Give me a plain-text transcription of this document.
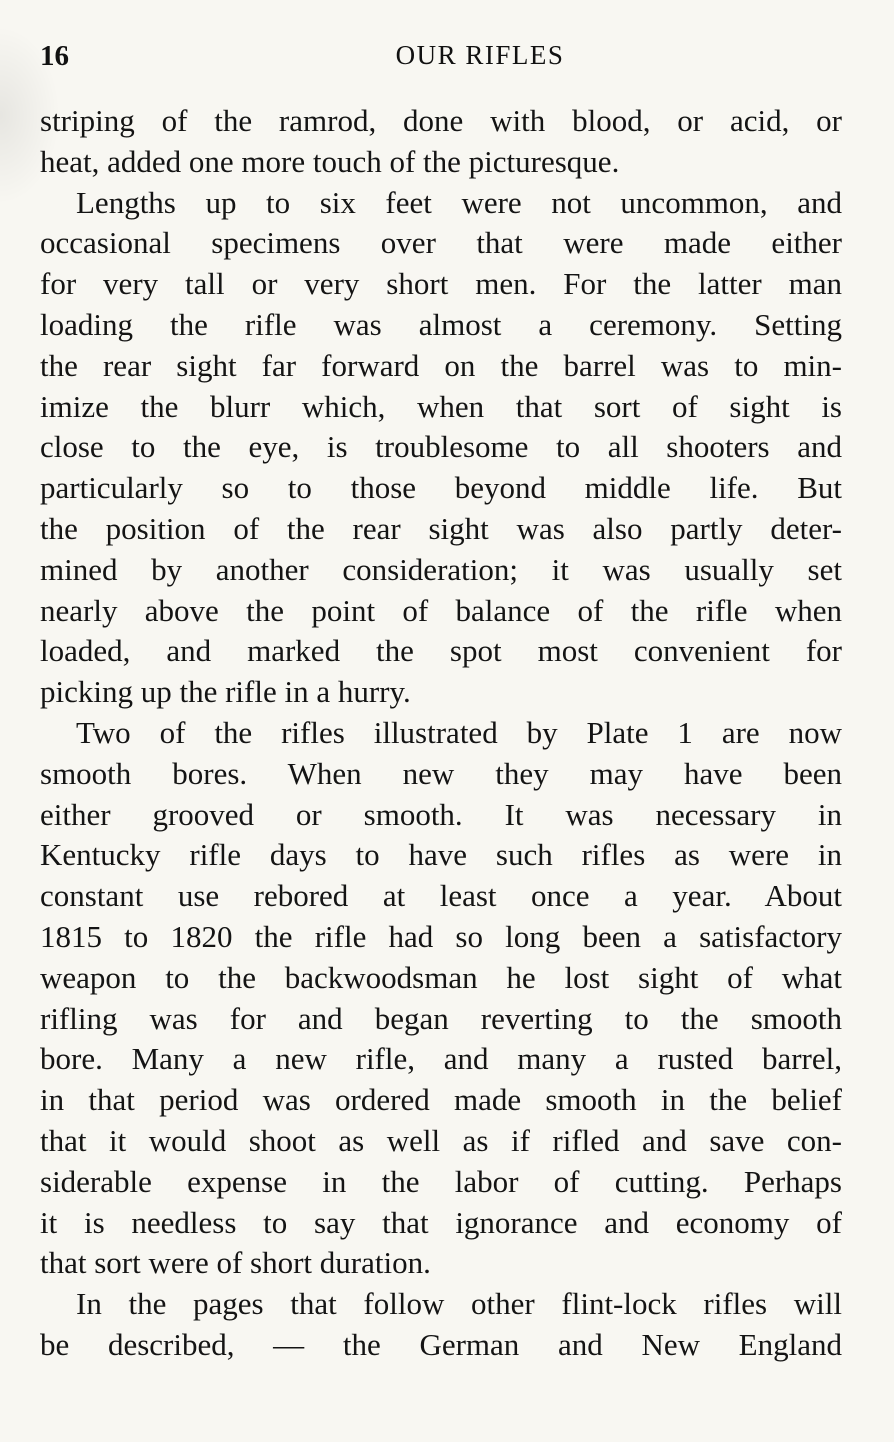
16	OUR RIFLES
striping of the ramrod, done with blood, or acid, or
heat, added one more touch of the picturesque.
Lengths up to six feet were not uncommon, and
occasional specimens over that were made either
for very tall or very short men. For the latter man
loading the rifle was almost a ceremony. Setting
the rear sight far forward on the barrel was to min-
imize the blurr which, when that sort of sight is
close to the eye, is troublesome to all shooters and
particularly so to those beyond middle life. But
the position of the rear sight was also partly deter-
mined by another consideration; it was usually set
nearly above the point of balance of the rifle when
loaded, and marked the spot most convenient for
picking up the rifle in a hurry.
Two of the rifles illustrated by Plate 1 are now
smooth bores. When new they may have been
either grooved or smooth. It was necessary in
Kentucky rifle days to have such rifles as were in
constant use rebored at least once a year. About
1815 to 1820 the rifle had so long been a satisfactory
weapon to the backwoodsman he lost sight of what
rifling was for and began reverting to the smooth
bore. Many a new rifle, and many a rusted barrel,
in that period was ordered made smooth in the belief
that it would shoot as well as if rifled and save con-
siderable expense in the labor of cutting. Perhaps
it is needless to say that ignorance and economy of
that sort were of short duration.
In the pages that follow other flint-lock rifles will
be described, — the German and New England
